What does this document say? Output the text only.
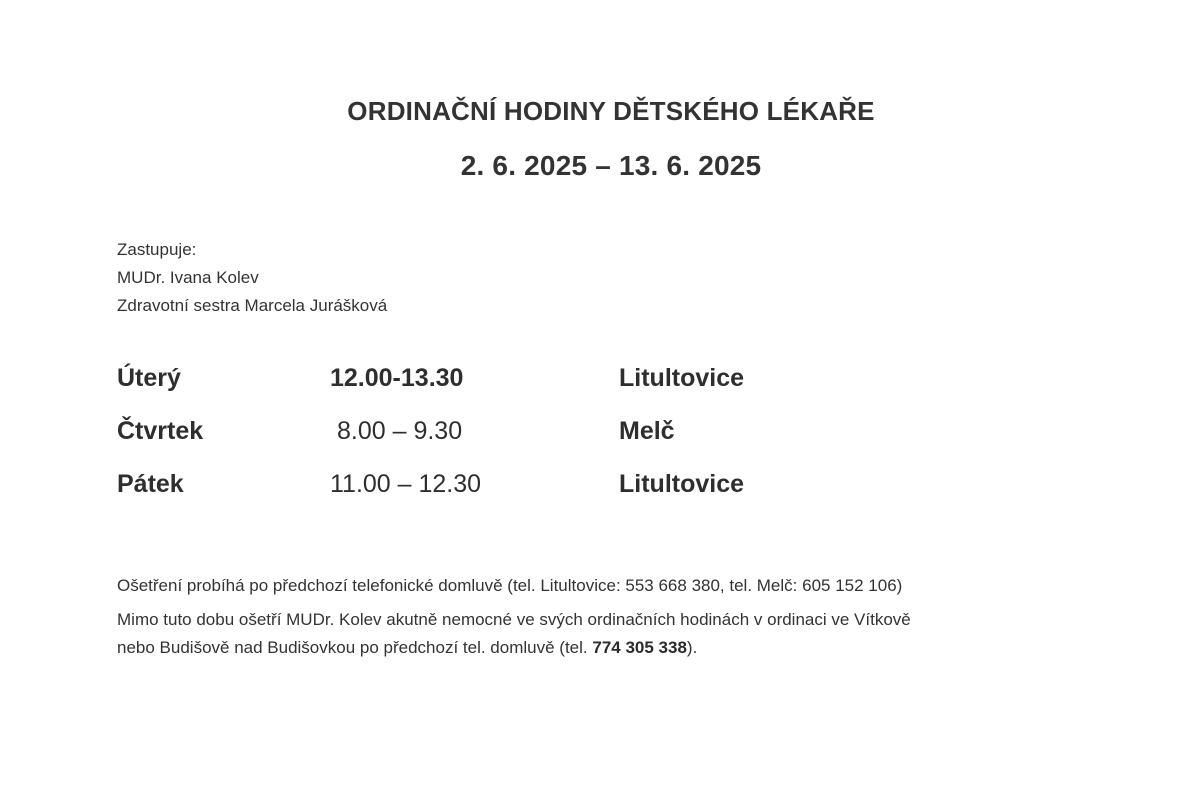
ORDINAČNÍ HODINY DĚTSKÉHO LÉKAŘE
2. 6. 2025 – 13. 6. 2025
Zastupuje:
MUDr. Ivana Kolev
Zdravotní sestra Marcela Jurášková
Úterý	12.00-13.30	Litultovice
Čtvrtek	8.00 – 9.30	Melč
Pátek	11.00 – 12.30	Litultovice
Ošetření probíhá po předchozí telefonické domluvě (tel. Litultovice: 553 668 380, tel. Melč: 605 152 106)
Mimo tuto dobu ošetří MUDr. Kolev akutně nemocné ve svých ordinačních hodinách v ordinaci ve Vítkově
nebo Budišově nad Budišovkou po předchozí tel. domluvě (tel. 774 305 338).
